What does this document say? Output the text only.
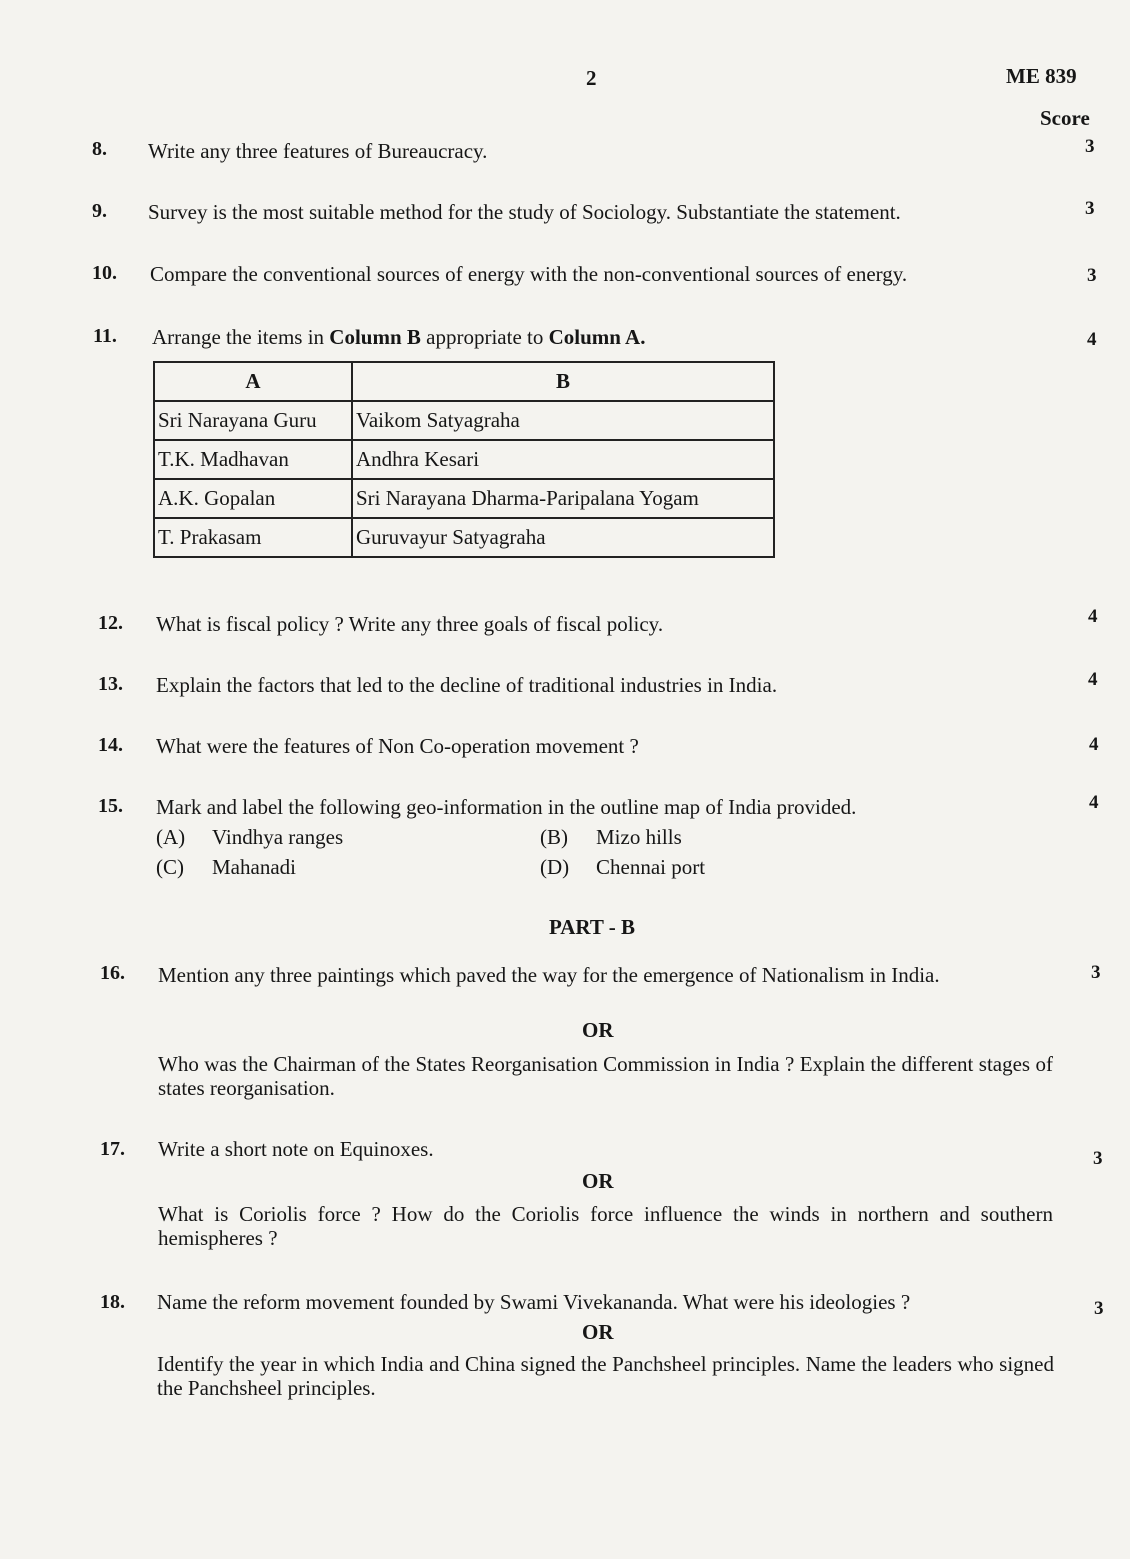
2	ME 839
Score
8. Write any three features of Bureaucracy.	3
9. Survey is the most suitable method for the study of Sociology. Substantiate the statement.	3
10. Compare the conventional sources of energy with the non-conventional sources of energy.	3
11. Arrange the items in Column B appropriate to Column A.	4
A	B
Sri Narayana Guru	Vaikom Satyagraha
T.K. Madhavan	Andhra Kesari
A.K. Gopalan	Sri Narayana Dharma-Paripalana Yogam
T. Prakasam	Guruvayur Satyagraha
12. What is fiscal policy ? Write any three goals of fiscal policy.	4
13. Explain the factors that led to the decline of traditional industries in India.	4
14. What were the features of Non Co-operation movement ?	4
15. Mark and label the following geo-information in the outline map of India provided.	4
(A) Vindhya ranges	(B) Mizo hills
(C) Mahanadi	(D) Chennai port
PART - B
16. Mention any three paintings which paved the way for the emergence of Nationalism in India.	3
OR
Who was the Chairman of the States Reorganisation Commission in India ? Explain the different stages of states reorganisation.
17. Write a short note on Equinoxes.	3
OR
What is Coriolis force ? How do the Coriolis force influence the winds in northern and southern hemispheres ?
18. Name the reform movement founded by Swami Vivekananda. What were his ideologies ?	3
OR
Identify the year in which India and China signed the Panchsheel principles. Name the leaders who signed the Panchsheel principles.
